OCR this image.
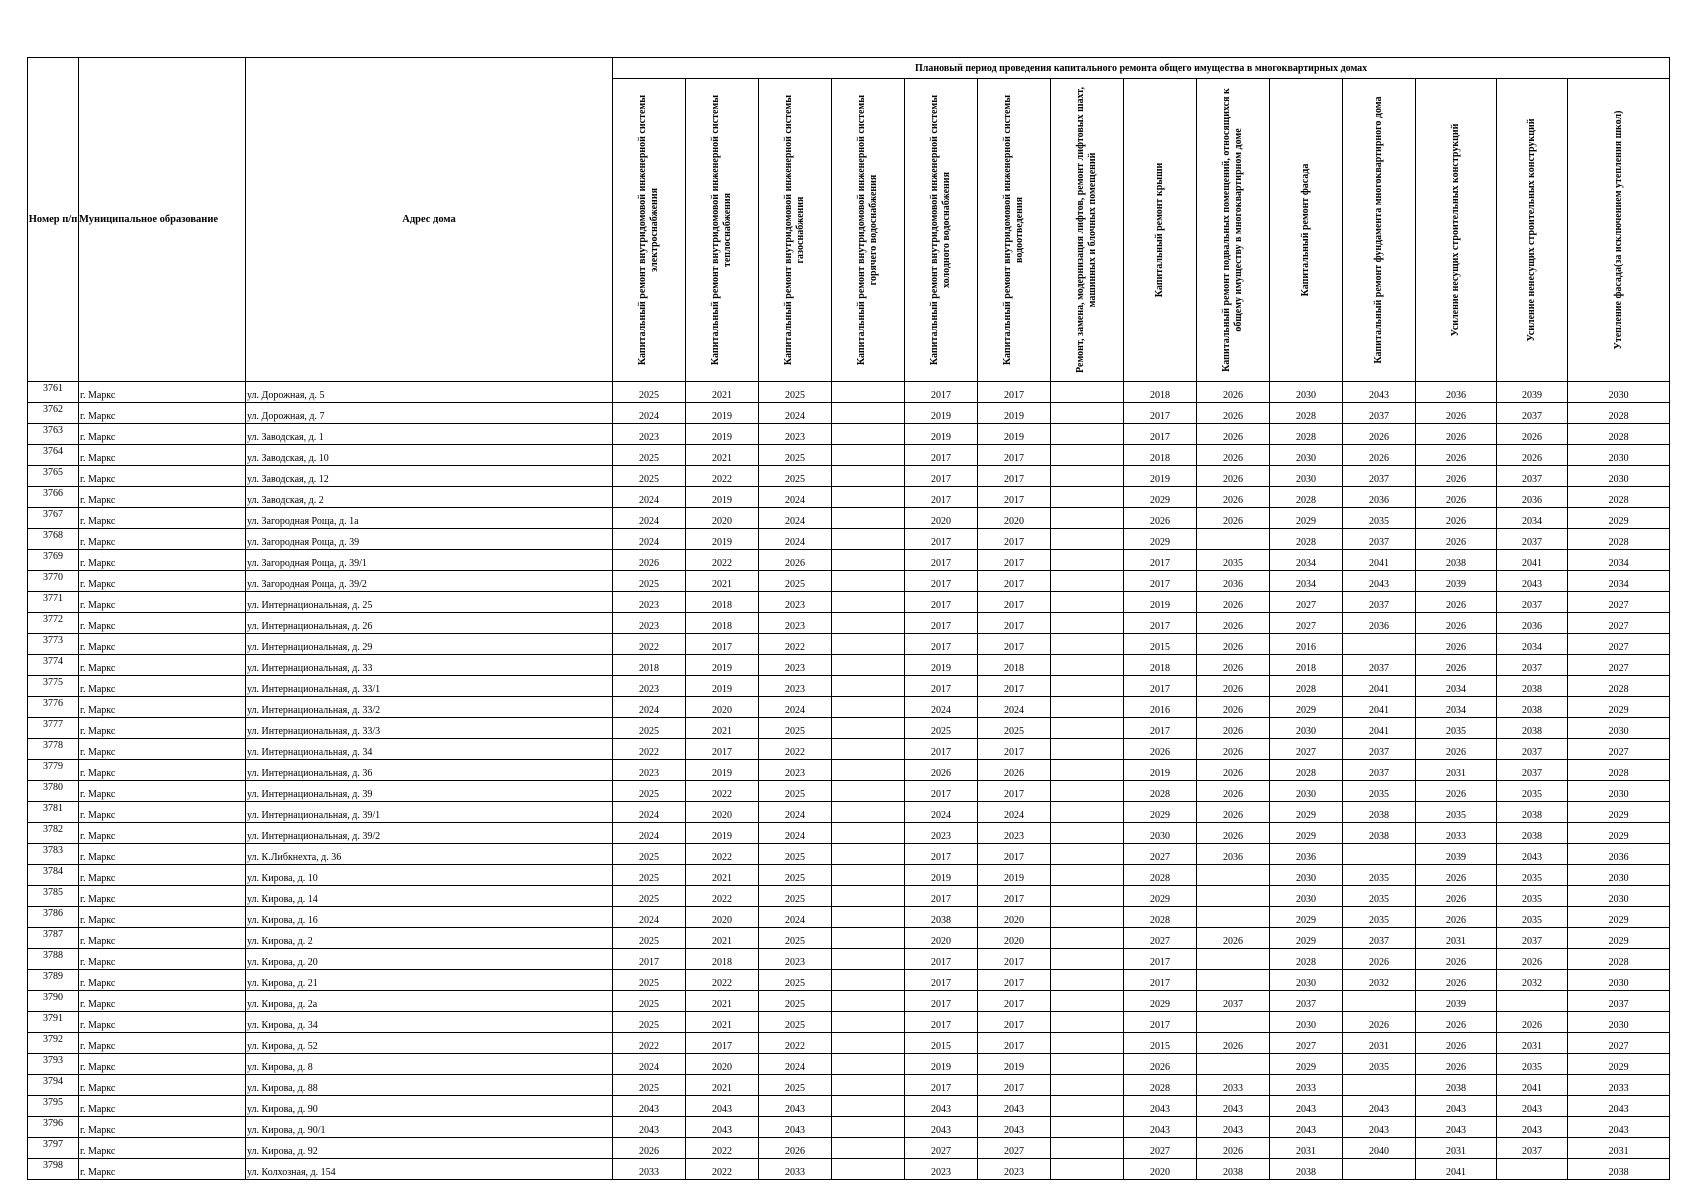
Номер п/п	Муниципальное образование	Адрес дома	Плановый период проведения капитального ремонта общего имущества в многоквартирных домах													

			Капитальный ремонт внутридомовой инженерной системы электроснабжения	Капитальный ремонт внутридомовой инженерной системы теплоснабжения	Капитальный ремонт внутридомовой инженерной системы газоснабжения	Капитальный ремонт внутридомовой инженерной системы горячего водоснабжения	Капитальный ремонт внутридомовой инженерной системы холодного водоснабжения	Капитальный ремонт внутридомовой инженерной системы водоотведения	Ремонт, замена, модернизация лифтов, ремонт лифтовых шахт, машинных и блочных помещений	Капитальный ремонт крыши	Капитальный ремонт подвальных помещений, относящихся к общему имуществу в многоквартирном доме	Капитальный ремонт фасада	Капитальный ремонт фундамента многоквартирного дома	Усиление несущих строительных конструкций	Усиление ненесущих строительных конструкций	Утепление фасада(за исключением утепления школ)

3761	г. Маркс	ул. Дорожная, д. 5	2025	2021	2025		2017	2017		2018	2026	2030	2043	2036	2039	2030
3762	г. Маркс	ул. Дорожная, д. 7	2024	2019	2024		2019	2019		2017	2026	2028	2037	2026	2037	2028
3763	г. Маркс	ул. Заводская, д. 1	2023	2019	2023		2019	2019		2017	2026	2028	2026	2026	2026	2028
3764	г. Маркс	ул. Заводская, д. 10	2025	2021	2025		2017	2017		2018	2026	2030	2026	2026	2026	2030
3765	г. Маркс	ул. Заводская, д. 12	2025	2022	2025		2017	2017		2019	2026	2030	2037	2026	2037	2030
3766	г. Маркс	ул. Заводская, д. 2	2024	2019	2024		2017	2017		2029	2026	2028	2036	2026	2036	2028
3767	г. Маркс	ул. Загородная Роща, д. 1а	2024	2020	2024		2020	2020		2026	2026	2029	2035	2026	2034	2029
3768	г. Маркс	ул. Загородная Роща, д. 39	2024	2019	2024		2017	2017		2029		2028	2037	2026	2037	2028
3769	г. Маркс	ул. Загородная Роща, д. 39/1	2026	2022	2026		2017	2017		2017	2035	2034	2041	2038	2041	2034
3770	г. Маркс	ул. Загородная Роща, д. 39/2	2025	2021	2025		2017	2017		2017	2036	2034	2043	2039	2043	2034
3771	г. Маркс	ул. Интернациональная, д. 25	2023	2018	2023		2017	2017		2019	2026	2027	2037	2026	2037	2027
3772	г. Маркс	ул. Интернациональная, д. 26	2023	2018	2023		2017	2017		2017	2026	2027	2036	2026	2036	2027
3773	г. Маркс	ул. Интернациональная, д. 29	2022	2017	2022		2017	2017		2015	2026	2016		2026	2034	2027
3774	г. Маркс	ул. Интернациональная, д. 33	2018	2019	2023		2019	2018		2018	2026	2018	2037	2026	2037	2027
3775	г. Маркс	ул. Интернациональная, д. 33/1	2023	2019	2023		2017	2017		2017	2026	2028	2041	2034	2038	2028
3776	г. Маркс	ул. Интернациональная, д. 33/2	2024	2020	2024		2024	2024		2016	2026	2029	2041	2034	2038	2029
3777	г. Маркс	ул. Интернациональная, д. 33/3	2025	2021	2025		2025	2025		2017	2026	2030	2041	2035	2038	2030
3778	г. Маркс	ул. Интернациональная, д. 34	2022	2017	2022		2017	2017		2026	2026	2027	2037	2026	2037	2027
3779	г. Маркс	ул. Интернациональная, д. 36	2023	2019	2023		2026	2026		2019	2026	2028	2037	2031	2037	2028
3780	г. Маркс	ул. Интернациональная, д. 39	2025	2022	2025		2017	2017		2028	2026	2030	2035	2026	2035	2030
3781	г. Маркс	ул. Интернациональная, д. 39/1	2024	2020	2024		2024	2024		2029	2026	2029	2038	2035	2038	2029
3782	г. Маркс	ул. Интернациональная, д. 39/2	2024	2019	2024		2023	2023		2030	2026	2029	2038	2033	2038	2029
3783	г. Маркс	ул. К.Либкнехта, д. 36	2025	2022	2025		2017	2017		2027	2036	2036		2039	2043	2036
3784	г. Маркс	ул. Кирова, д. 10	2025	2021	2025		2019	2019		2028		2030	2035	2026	2035	2030
3785	г. Маркс	ул. Кирова, д. 14	2025	2022	2025		2017	2017		2029		2030	2035	2026	2035	2030
3786	г. Маркс	ул. Кирова, д. 16	2024	2020	2024		2038	2020		2028		2029	2035	2026	2035	2029
3787	г. Маркс	ул. Кирова, д. 2	2025	2021	2025		2020	2020		2027	2026	2029	2037	2031	2037	2029
3788	г. Маркс	ул. Кирова, д. 20	2017	2018	2023		2017	2017		2017		2028	2026	2026	2026	2028
3789	г. Маркс	ул. Кирова, д. 21	2025	2022	2025		2017	2017		2017		2030	2032	2026	2032	2030
3790	г. Маркс	ул. Кирова, д. 2а	2025	2021	2025		2017	2017		2029	2037	2037		2039		2037
3791	г. Маркс	ул. Кирова, д. 34	2025	2021	2025		2017	2017		2017		2030	2026	2026	2026	2030
3792	г. Маркс	ул. Кирова, д. 52	2022	2017	2022		2015	2017		2015	2026	2027	2031	2026	2031	2027
3793	г. Маркс	ул. Кирова, д. 8	2024	2020	2024		2019	2019		2026		2029	2035	2026	2035	2029
3794	г. Маркс	ул. Кирова, д. 88	2025	2021	2025		2017	2017		2028	2033	2033		2038	2041	2033
3795	г. Маркс	ул. Кирова, д. 90	2043	2043	2043		2043	2043		2043	2043	2043	2043	2043	2043	2043
3796	г. Маркс	ул. Кирова, д. 90/1	2043	2043	2043		2043	2043		2043	2043	2043	2043	2043	2043	2043
3797	г. Маркс	ул. Кирова, д. 92	2026	2022	2026		2027	2027		2027	2026	2031	2040	2031	2037	2031
3798	г. Маркс	ул. Колхозная, д. 154	2033	2022	2033		2023	2023		2020	2038	2038		2041		2038
